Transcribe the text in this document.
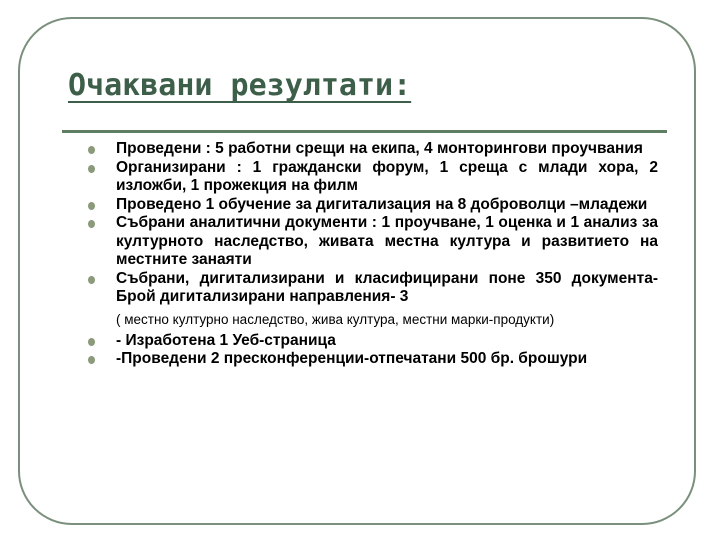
Очаквани резултати:
Проведени : 5 работни срещи на екипа, 4 монторингови проучвания
Организирани : 1 граждански форум, 1 среща с млади хора, 2 изложби, 1 прожекция на филм
Проведено 1 обучение за дигитализация на 8 доброволци –младежи
Събрани аналитични документи : 1 проучване, 1 оценка и 1 анализ за културното наследство, живата местна култура и развитието на местните занаяти
Събрани, дигитализирани и класифицирани поне 350 документа-Брой дигитализирани направления- 3
( местно културно наследство, жива култура, местни марки-продукти)
- Изработена 1 Уеб-страница
-Проведени 2 пресконференции-отпечатани 500 бр. брошури
